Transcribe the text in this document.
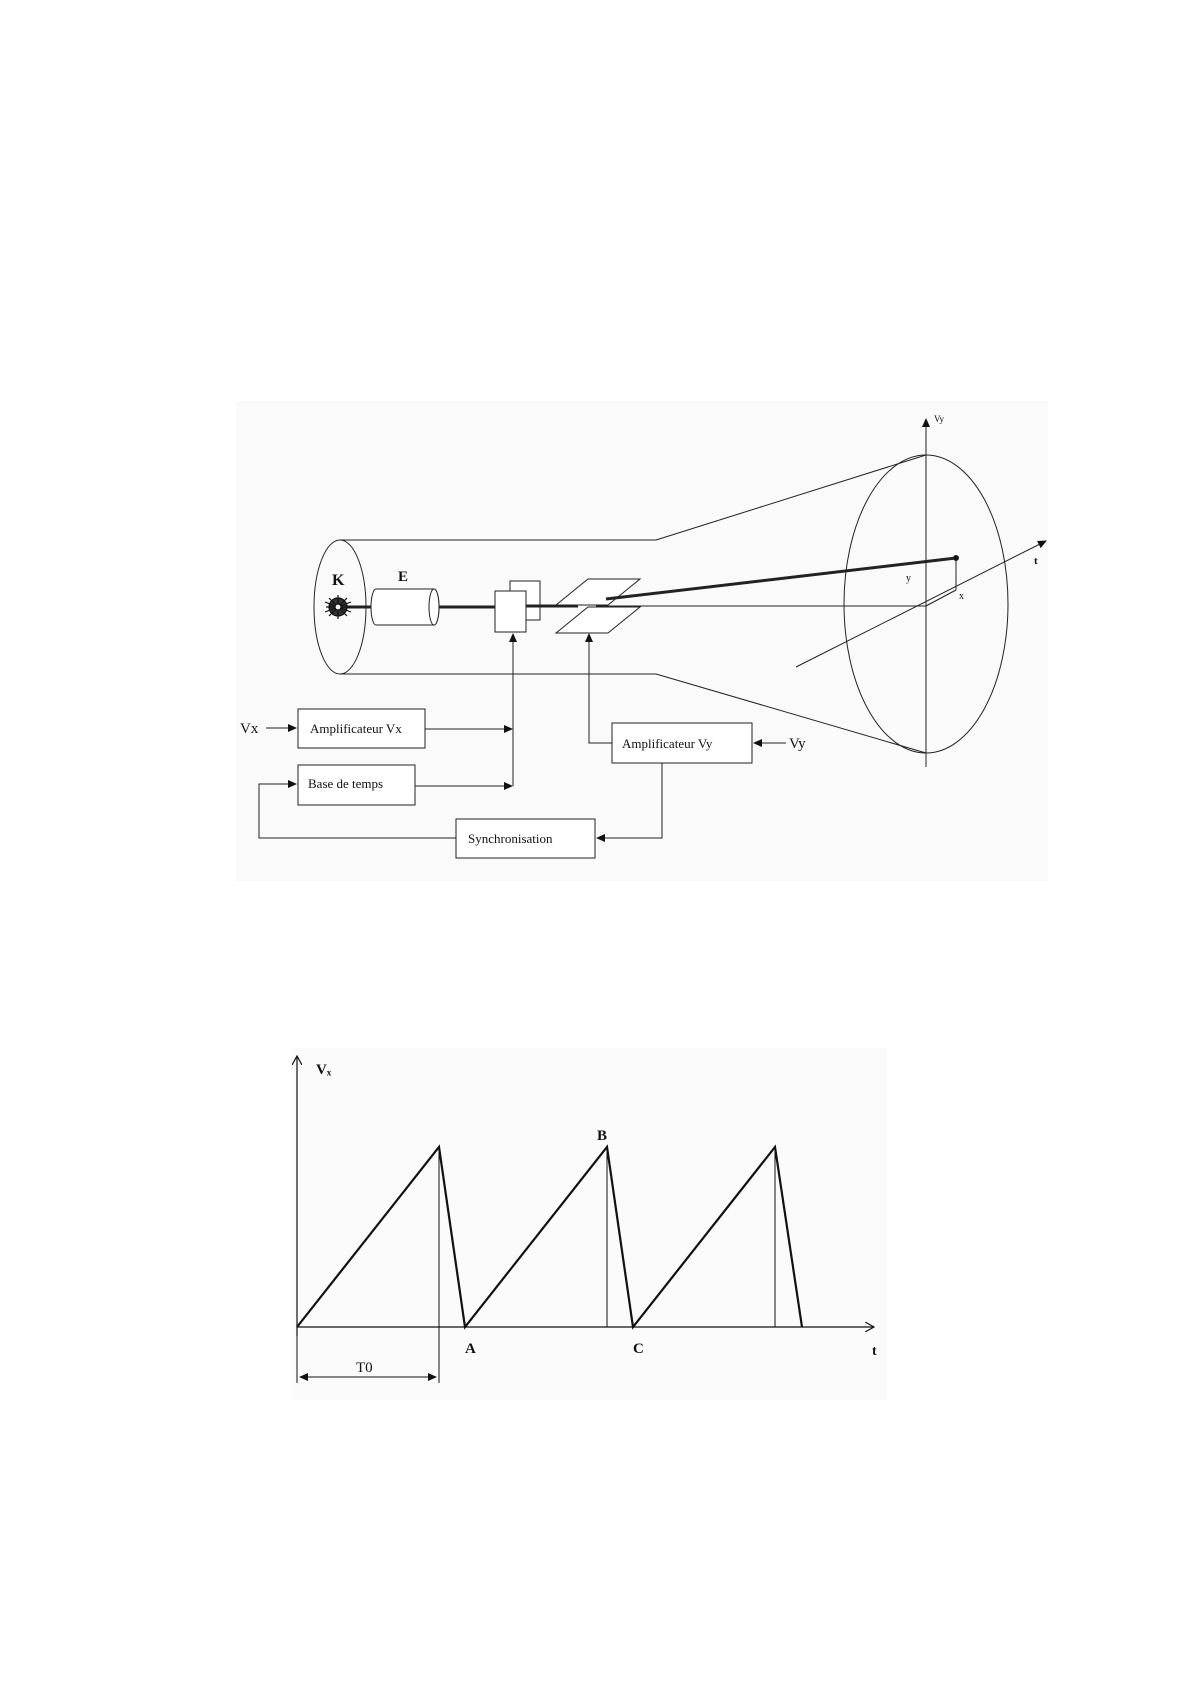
K	E
Vy
t
y
x
Vx
Vy
Amplificateur Vx
Base de temps
Amplificateur Vy
Synchronisation
Vₓ
t
A
B
C
T0
